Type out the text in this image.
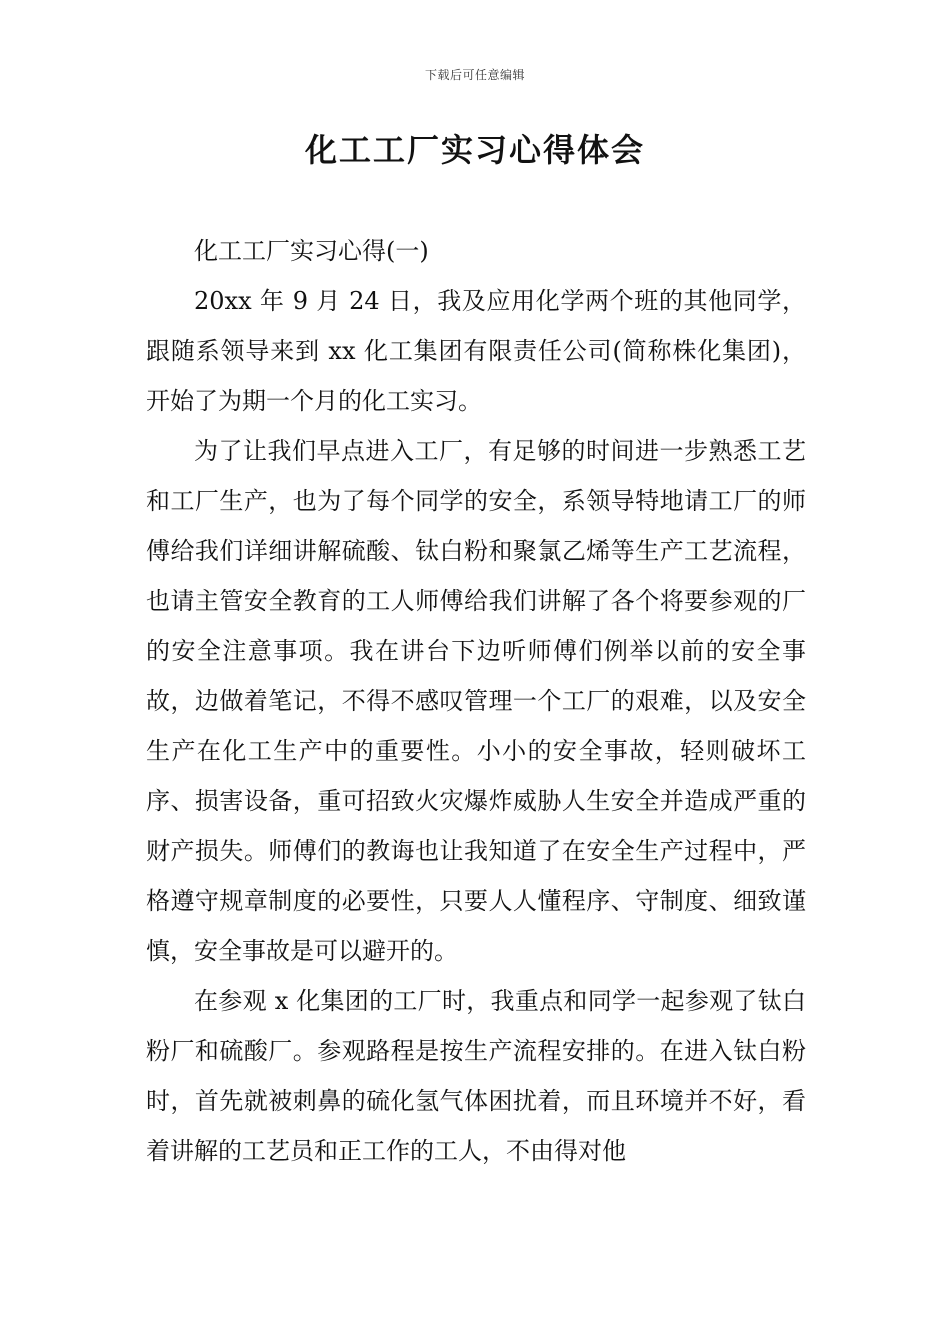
下载后可任意编辑
化工工厂实习心得体会

化工工厂实习心得(一)

20xx 年 9 月 24 日，我及应用化学两个班的其他同学，跟随系领导来到 xx 化工集团有限责任公司(简称株化集团)，开始了为期一个月的化工实习。

为了让我们早点进入工厂，有足够的时间进一步熟悉工艺和工厂生产，也为了每个同学的安全，系领导特地请工厂的师傅给我们详细讲解硫酸、钛白粉和聚氯乙烯等生产工艺流程，也请主管安全教育的工人师傅给我们讲解了各个将要参观的厂的安全注意事项。我在讲台下边听师傅们例举以前的安全事故，边做着笔记，不得不感叹管理一个工厂的艰难，以及安全生产在化工生产中的重要性。小小的安全事故，轻则破坏工序、损害设备，重可招致火灾爆炸威胁人生安全并造成严重的财产损失。师傅们的教诲也让我知道了在安全生产过程中，严格遵守规章制度的必要性，只要人人懂程序、守制度、细致谨慎，安全事故是可以避开的。

在参观 x 化集团的工厂时，我重点和同学一起参观了钛白粉厂和硫酸厂。参观路程是按生产流程安排的。在进入钛白粉时，首先就被刺鼻的硫化氢气体困扰着，而且环境并不好，看着讲解的工艺员和正工作的工人，不由得对他
